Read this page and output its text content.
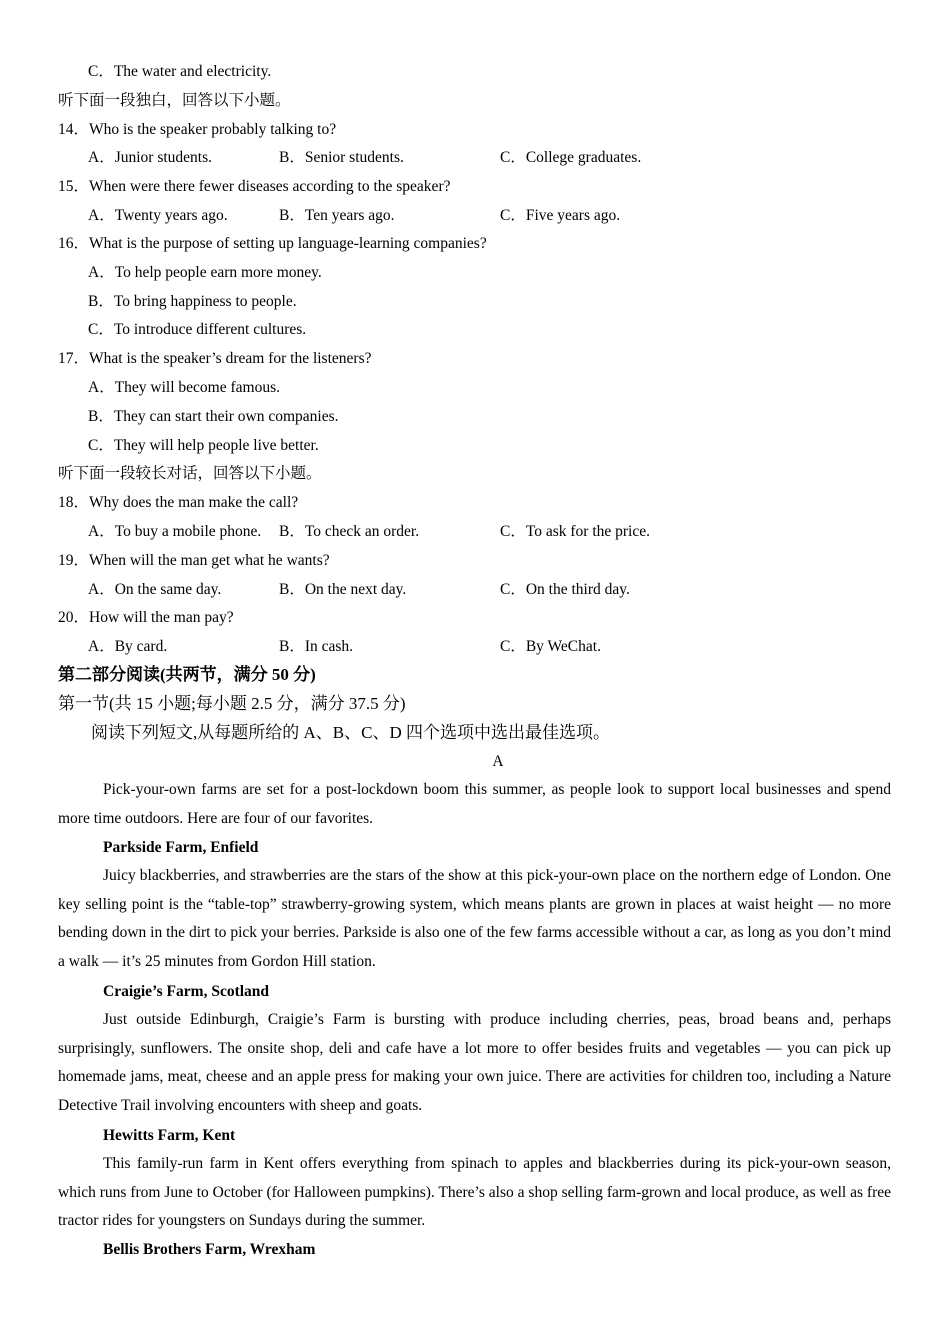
C．The water and electricity.
听下面一段独白，回答以下小题。
14．Who is the speaker probably talking to?
A．Junior students.	B．Senior students.	C．College graduates.
15．When were there fewer diseases according to the speaker?
A．Twenty years ago.	B．Ten years ago.	C．Five years ago.
16．What is the purpose of setting up language-learning companies?
A．To help people earn more money.
B．To bring happiness to people.
C．To introduce different cultures.
17．What is the speaker’s dream for the listeners?
A．They will become famous.
B．They can start their own companies.
C．They will help people live better.
听下面一段较长对话，回答以下小题。
18．Why does the man make the call?
A．To buy a mobile phone. B．To check an order.	C．To ask for the price.
19．When will the man get what he wants?
A．On the same day.	B．On the next day.	C．On the third day.
20．How will the man pay?
A．By card.	B．In cash.	C．By WeChat.
第二部分阅读(共两节，满分 50 分)
第一节(共 15 小题;每小题 2.5 分，满分 37.5 分)
阅读下列短文,从每题所给的 A、B、C、D 四个选项中选出最佳选项。
A
Pick-your-own farms are set for a post-lockdown boom this summer, as people look to support local businesses and spend more time outdoors. Here are four of our favorites.
Parkside Farm, Enfield
Juicy blackberries, and strawberries are the stars of the show at this pick-your-own place on the northern edge of London. One key selling point is the “table-top” strawberry-growing system, which means plants are grown in places at waist height — no more bending down in the dirt to pick your berries. Parkside is also one of the few farms accessible without a car, as long as you don’t mind a walk — it’s 25 minutes from Gordon Hill station.
Craigie’s Farm, Scotland
Just outside Edinburgh, Craigie’s Farm is bursting with produce including cherries, peas, broad beans and, perhaps surprisingly, sunflowers. The onsite shop, deli and cafe have a lot more to offer besides fruits and vegetables — you can pick up homemade jams, meat, cheese and an apple press for making your own juice. There are activities for children too, including a Nature Detective Trail involving encounters with sheep and goats.
Hewitts Farm, Kent
This family-run farm in Kent offers everything from spinach to apples and blackberries during its pick-your-own season, which runs from June to October (for Halloween pumpkins). There’s also a shop selling farm-grown and local produce, as well as free tractor rides for youngsters on Sundays during the summer.
Bellis Brothers Farm, Wrexham
